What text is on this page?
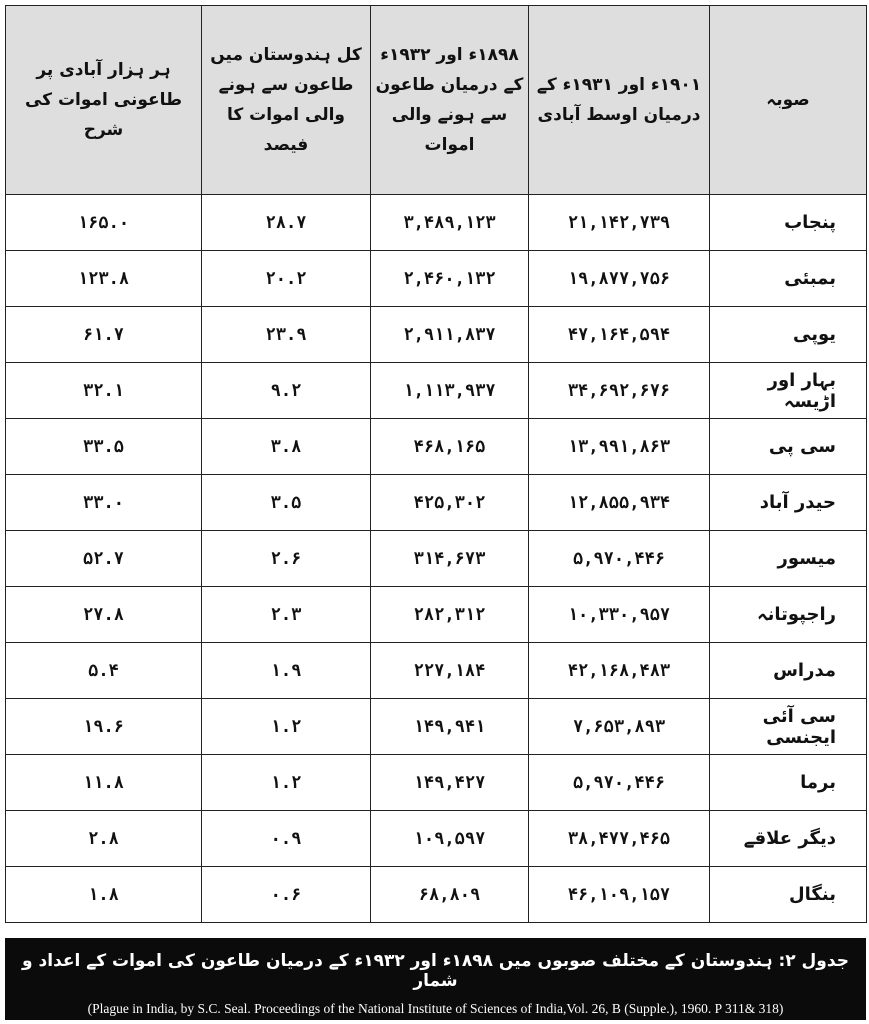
ہر ہزار آبادی پر طاعونی اموات کی شرح	کل ہندوستان میں طاعون سے ہونے والی اموات کا فیصد	۱۸۹۸ء اور ۱۹۳۲ء کے درمیان طاعون سے ہونے والی اموات	۱۹۰۱ء اور ۱۹۳۱ء کے درمیان اوسط آبادی	صوبہ
۱۶۵.۰	۲۸.۷	۳,۴۸۹,۱۲۳	۲۱,۱۴۲,۷۳۹	پنجاب
۱۲۳.۸	۲۰.۲	۲,۴۶۰,۱۳۲	۱۹,۸۷۷,۷۵۶	بمبئی
۶۱.۷	۲۳.۹	۲,۹۱۱,۸۳۷	۴۷,۱۶۴,۵۹۴	یوپی
۳۲.۱	۹.۲	۱,۱۱۳,۹۳۷	۳۴,۶۹۲,۶۷۶	بہار اور اڑیسہ
۳۳.۵	۳.۸	۴۶۸,۱۶۵	۱۳,۹۹۱,۸۶۳	سی پی
۳۳.۰	۳.۵	۴۲۵,۳۰۲	۱۲,۸۵۵,۹۳۴	حیدر آباد
۵۲.۷	۲.۶	۳۱۴,۶۷۳	۵,۹۷۰,۴۴۶	میسور
۲۷.۸	۲.۳	۲۸۲,۳۱۲	۱۰,۳۳۰,۹۵۷	راجپوتانہ
۵.۴	۱.۹	۲۲۷,۱۸۴	۴۲,۱۶۸,۴۸۳	مدراس
۱۹.۶	۱.۲	۱۴۹,۹۴۱	۷,۶۵۳,۸۹۳	سی آئی ایجنسی
۱۱.۸	۱.۲	۱۴۹,۴۲۷	۵,۹۷۰,۴۴۶	برما
۲.۸	۰.۹	۱۰۹,۵۹۷	۳۸,۴۷۷,۴۶۵	دیگر علاقے
۱.۸	۰.۶	۶۸,۸۰۹	۴۶,۱۰۹,۱۵۷	بنگال
جدول ۲: ہندوستان کے مختلف صوبوں میں ۱۸۹۸ء اور ۱۹۳۲ء کے درمیان طاعون کی اموات کے اعداد و شمار
(Plague in India, by S.C. Seal. Proceedings of the National Institute of Sciences of India,Vol. 26, B (Supple.), 1960. P 311& 318)
